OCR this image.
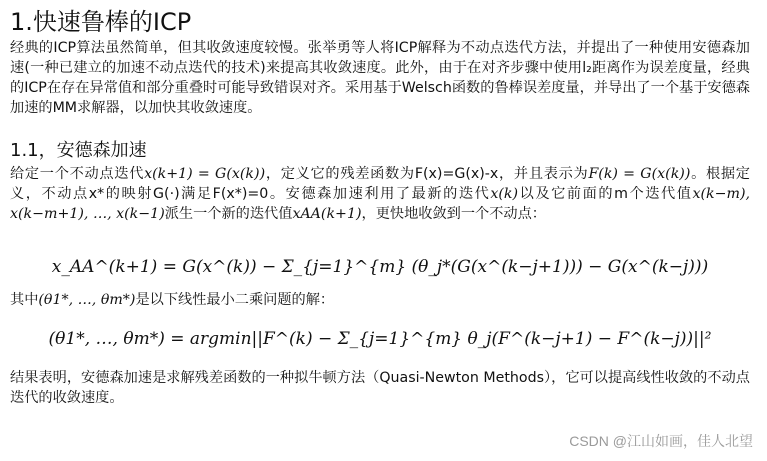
1.快速鲁棒的ICP

经典的ICP算法虽然简单，但其收敛速度较慢。张举勇等人将ICP解释为不动点迭代方法，并提出了一种使用安德森加速(一种已建立的加速不动点迭代的技术)来提高其收敛速度。此外，由于在对齐步骤中使用l₂距离作为误差度量，经典的ICP在存在异常值和部分重叠时可能导致错误对齐。采用基于Welsch函数的鲁棒误差度量，并导出了一个基于安德森加速的MM求解器，以加快其收敛速度。

1.1，安德森加速

给定一个不动点迭代x(k+1) = G(x(k))，定义它的残差函数为F(x)=G(x)-x，并且表示为F(k) = G(x(k))。根据定义，不动点x*的映射G(·)满足F(x*)=0。安德森加速利用了最新的迭代x(k)以及它前面的m个迭代值x(k−m), x(k−m+1), …, x(k−1)派生一个新的迭代值xAA(k+1)，更快地收敛到一个不动点：

x_AA^(k+1) = G(x^(k)) − Σ_{j=1}^{m} (θ_j*(G(x^(k−j+1))) − G(x^(k−j)))

其中(θ1*, …, θm*)是以下线性最小二乘问题的解：

(θ1*, …, θm*) = argmin||F^(k) − Σ_{j=1}^{m} θ_j(F^(k−j+1) − F^(k−j))||²

结果表明，安德森加速是求解残差函数的一种拟牛顿方法（Quasi-Newton Methods），它可以提高线性收敛的不动点迭代的收敛速度。

CSDN @江山如画，佳人北望
